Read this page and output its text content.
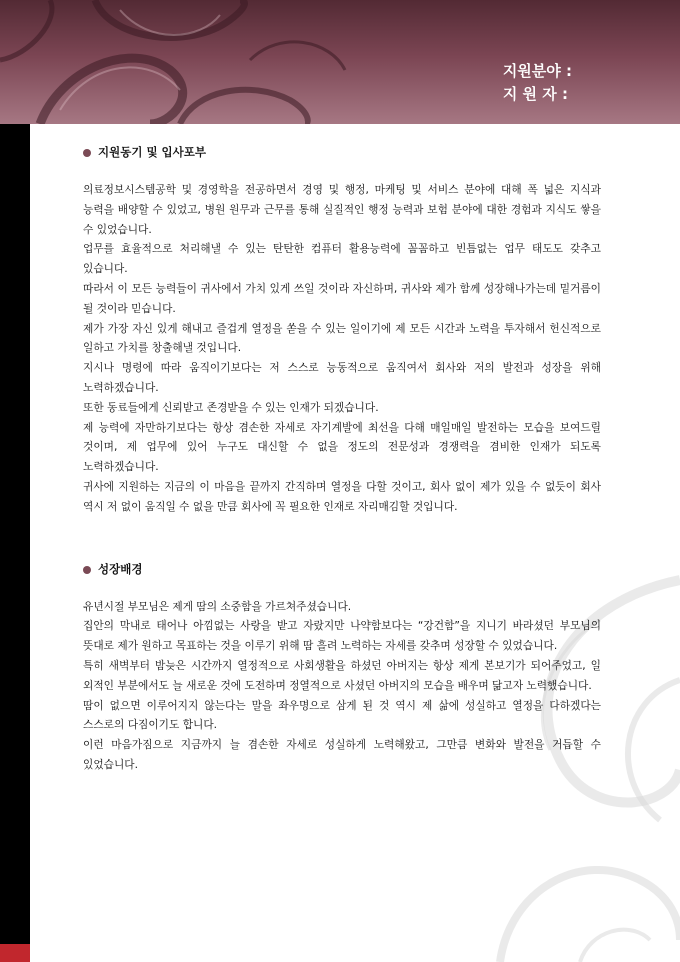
지원분야 :
지 원 자 :
지원동기 및 입사포부

의료정보시스템공학 및 경영학을 전공하면서 경영 및 행정, 마케팅 및 서비스 분야에 대해 폭 넓은 지식과 능력을 배양할 수 있었고, 병원 원무과 근무를 통해 실질적인 행정 능력과 보험 분야에 대한 경험과 지식도 쌓을 수 있었습니다.

업무를 효율적으로 처리해낼 수 있는 탄탄한 컴퓨터 활용능력에 꼼꼼하고 빈틈없는 업무 태도도 갖추고 있습니다.

따라서 이 모든 능력들이 귀사에서 가치 있게 쓰일 것이라 자신하며, 귀사와 제가 함께 성장해나가는데 밑거름이 될 것이라 믿습니다.

제가 가장 자신 있게 해내고 즐겁게 열정을 쏟을 수 있는 일이기에 제 모든 시간과 노력을 투자해서 헌신적으로 일하고 가치를 창출해낼 것입니다.

지시나 명령에 따라 움직이기보다는 저 스스로 능동적으로 움직여서 회사와 저의 발전과 성장을 위해 노력하겠습니다.

또한 동료들에게 신뢰받고 존경받을 수 있는 인재가 되겠습니다.

제 능력에 자만하기보다는 항상 겸손한 자세로 자기계발에 최선을 다해 매일매일 발전하는 모습을 보여드릴 것이며, 제 업무에 있어 누구도 대신할 수 없을 정도의 전문성과 경쟁력을 겸비한 인재가 되도록 노력하겠습니다.

귀사에 지원하는 지금의 이 마음을 끝까지 간직하며 열정을 다할 것이고, 회사 없이 제가 있을 수 없듯이 회사 역시 저 없이 움직일 수 없을 만큼 회사에 꼭 필요한 인재로 자리매김할 것입니다.

성장배경

유년시절 부모님은 제게 땀의 소중함을 가르쳐주셨습니다.

집안의 막내로 태어나 아낌없는 사랑을 받고 자랐지만 나약함보다는 “강건함”을 지니기 바라셨던 부모님의 뜻대로 제가 원하고 목표하는 것을 이루기 위해 땀 흘려 노력하는 자세를 갖추며 성장할 수 있었습니다.

특히 새벽부터 밤늦은 시간까지 열정적으로 사회생활을 하셨던 아버지는 항상 제게 본보기가 되어주었고, 일 외적인 부분에서도 늘 새로운 것에 도전하며 정열적으로 사셨던 아버지의 모습을 배우며 닮고자 노력했습니다.

땀이 없으면 이루어지지 않는다는 말을 좌우명으로 삼게 된 것 역시 제 삶에 성실하고 열정을 다하겠다는 스스로의 다짐이기도 합니다.

이런 마음가짐으로 지금까지 늘 겸손한 자세로 성실하게 노력해왔고, 그만큼 변화와 발전을 거듭할 수 있었습니다.
